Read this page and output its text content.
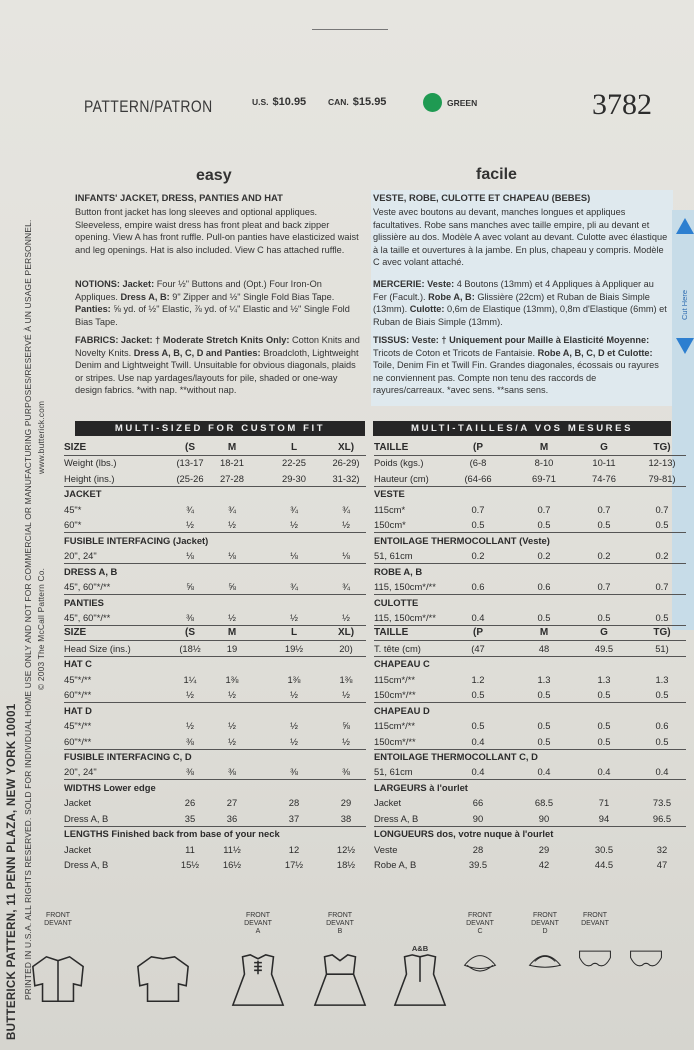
PATTERN/PATRON	U.S. $10.95	CAN. $15.95	GREEN	3782
BUTTERICK PATTERN, 11 PENN PLAZA, NEW YORK 10001 PRINTED IN U.S.A. ALL RIGHTS RESERVED. SOLD FOR INDIVIDUAL HOME USE ONLY AND NOT FOR COMMERCIAL OR MANUFACTURING PURPOSES/RESERVÉ À UN USAGE PERSONNEL. © 2003 The McCall Pattern Co.
www.butterick.com
Cut Here
easy	facile
INFANTS' JACKET, DRESS, PANTIES AND HAT
Button front jacket has long sleeves and optional appliques. Sleeveless, empire waist dress has front pleat and back zipper opening. View A has front ruffle. Pull-on panties have elasticized waist and leg openings. Hat is also included. View C has attached ruffle.
NOTIONS: Jacket: Four ½" Buttons and (Opt.) Four Iron-On Appliques. Dress A, B: 9" Zipper and ½" Single Fold Bias Tape. Panties: ⅝ yd. of ½" Elastic, ⅞ yd. of ¼" Elastic and ½" Single Fold Bias Tape.
FABRICS: Jacket: † Moderate Stretch Knits Only: Cotton Knits and Novelty Knits. Dress A, B, C, D and Panties: Broadcloth, Lightweight Denim and Lightweight Twill. Unsuitable for obvious diagonals, plaids or stripes. Use nap yardages/layouts for pile, shaded or one-way design fabrics. *with nap. **without nap.
VESTE, ROBE, CULOTTE ET CHAPEAU (BEBES)
Veste avec boutons au devant, manches longues et appliques facultatives. Robe sans manches avec taille empire, pli au devant et glissière au dos. Modèle A avec volant au devant. Culotte avec élastique à la taille et ouvertures à la jambe. En plus, chapeau y compris. Modèle C avec volant attaché.
MERCERIE: Veste: 4 Boutons (13mm) et 4 Appliques à Appliquer au Fer (Facult.). Robe A, B: Glissière (22cm) et Ruban de Biais Simple (13mm). Culotte: 0,6m de Elastique (13mm), 0,8m d'Elastique (6mm) et Ruban de Biais Simple (13mm).
TISSUS: Veste: † Uniquement pour Maille à Elasticité Moyenne: Tricots de Coton et Tricots de Fantaisie. Robe A, B, C, D et Culotte: Toile, Denim Fin et Twill Fin. Grandes diagonales, écossais ou rayures ne conviennent pas. Compte non tenu des raccords de rayures/carreaux. *avec sens. **sans sens.
MULTI-SIZED FOR CUSTOM FIT	MULTI-TAILLES/A VOS MESURES
SIZE	(S	M	L	XL)
Weight (lbs.)	(13-17	18-21	22-25	26-29)
Height (ins.)	(25-26	27-28	29-30	31-32)
JACKET
45"*	¾	¾	¾	¾
60"*	½	½	½	½
FUSIBLE INTERFACING (Jacket)
20", 24"	⅛	⅛	⅛	⅛
DRESS A, B
45", 60"*/**	⅝	⅝	¾	¾
PANTIES
45", 60"*/**	⅜	½	½	½
SIZE	(S	M	L	XL)
Head Size (ins.)	(18½	19	19½	20)
HAT C
45"*/**	1¼	1⅜	1⅜	1⅜
60"*/**	½	½	½	½
HAT D
45"*/**	½	½	½	⅝
60"*/**	⅜	½	½	½
FUSIBLE INTERFACING C, D
20", 24"	⅜	⅜	⅜	⅜
WIDTHS Lower edge
Jacket	26	27	28	29
Dress A, B	35	36	37	38
LENGTHS Finished back from base of your neck
Jacket	11	11½	12	12½
Dress A, B	15½	16½	17½	18½
TAILLE	(P	M	G	TG)
Poids (kgs.)	(6-8	8-10	10-11	12-13)
Hauteur (cm)	(64-66	69-71	74-76	79-81)
VESTE
115cm*	0.7	0.7	0.7	0.7
150cm*	0.5	0.5	0.5	0.5
ENTOILAGE THERMOCOLLANT (Veste)
51, 61cm	0.2	0.2	0.2	0.2
ROBE A, B
115, 150cm*/**	0.6	0.6	0.7	0.7
CULOTTE
115, 150cm*/**	0.4	0.5	0.5	0.5
TAILLE	(P	M	G	TG)
T. tête (cm)	(47	48	49.5	51)
CHAPEAU C
115cm*/**	1.2	1.3	1.3	1.3
150cm*/**	0.5	0.5	0.5	0.5
CHAPEAU D
115cm*/**	0.5	0.5	0.5	0.6
150cm*/**	0.4	0.5	0.5	0.5
ENTOILAGE THERMOCOLLANT C, D
51, 61cm	0.4	0.4	0.4	0.4
LARGEURS à l'ourlet
Jacket	66	68.5	71	73.5
Dress A, B	90	90	94	96.5
LONGUEURS dos, votre nuque à l'ourlet
Veste	28	29	30.5	32
Robe A, B	39.5	42	44.5	47
FRONT
DEVANT
FRONT
DEVANT
A
FRONT
DEVANT
B
A&B
FRONT
DEVANT
C
FRONT
DEVANT
D
FRONT
DEVANT
